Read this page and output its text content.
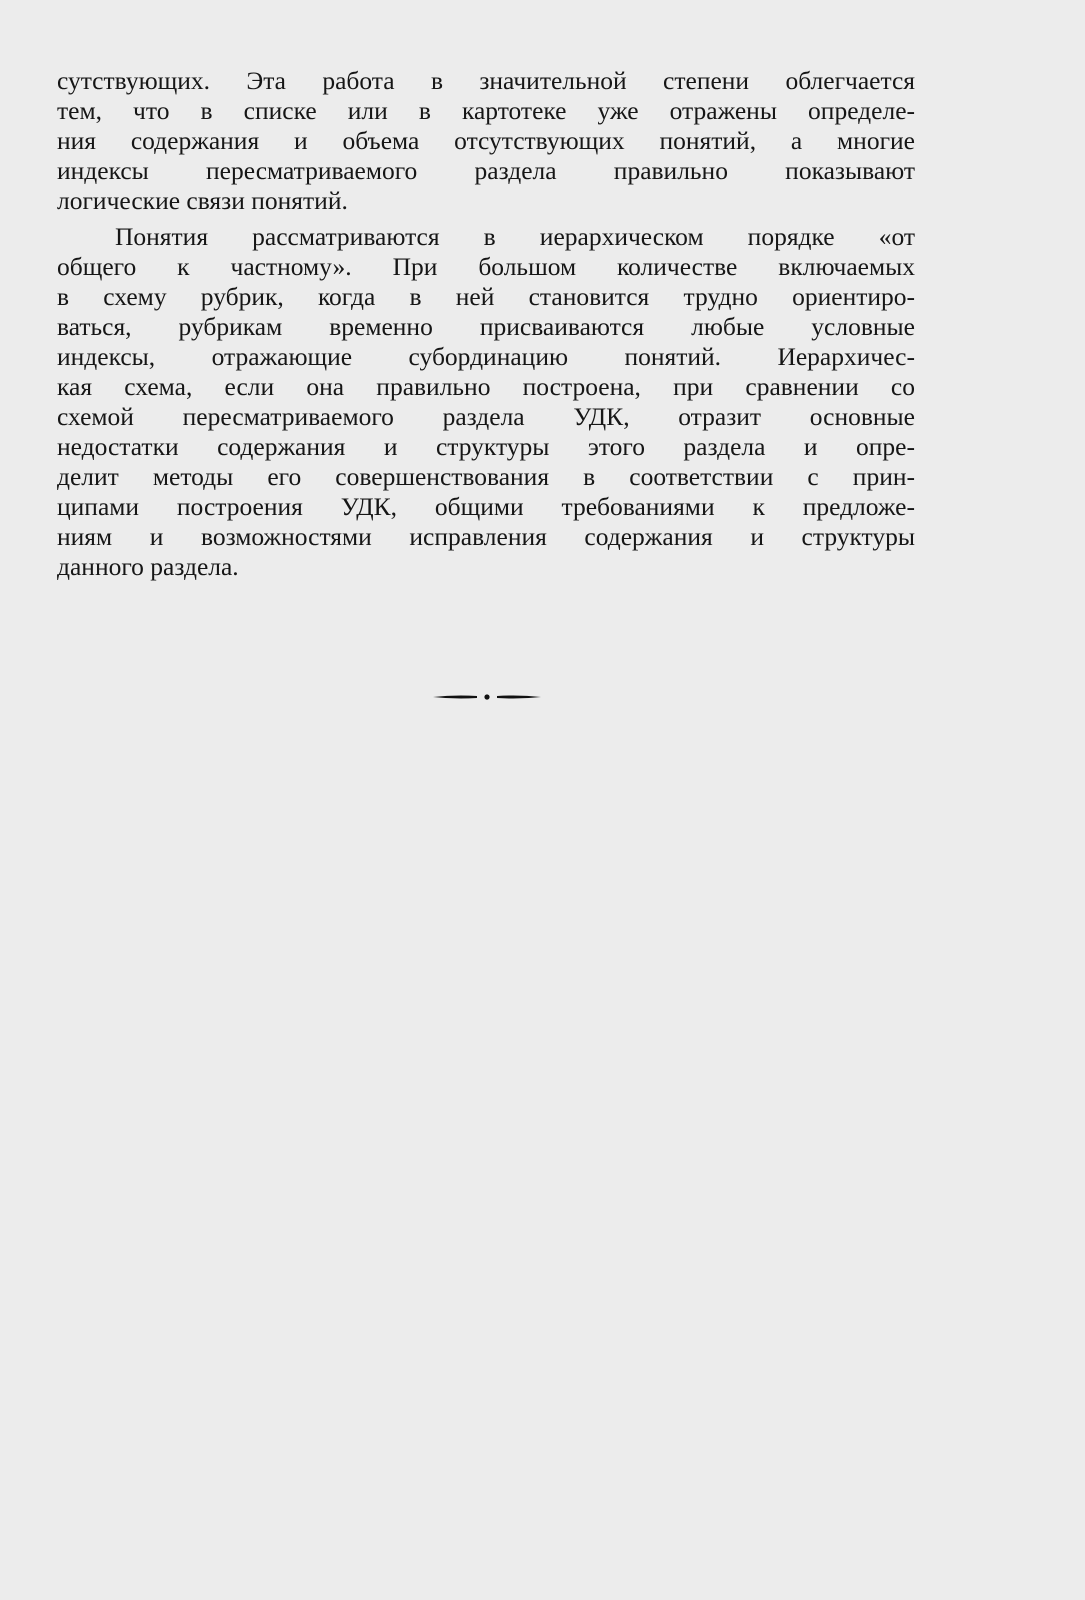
сутствующих. Эта работа в значительной степени облегчается
тем, что в списке или в картотеке уже отражены определе-
ния содержания и объема отсутствующих понятий, а многие
индексы пересматриваемого раздела правильно показывают
логические связи понятий.
Понятия рассматриваются в иерархическом порядке «от
общего к частному». При большом количестве включаемых
в схему рубрик, когда в ней становится трудно ориентиро-
ваться, рубрикам временно присваиваются любые условные
индексы, отражающие субординацию понятий. Иерархичес-
кая схема, если она правильно построена, при сравнении со
схемой пересматриваемого раздела УДК, отразит основные
недостатки содержания и структуры этого раздела и опре-
делит методы его совершенствования в соответствии с прин-
ципами построения УДК, общими требованиями к предложе-
ниям и возможностями исправления содержания и структуры
данного раздела.
